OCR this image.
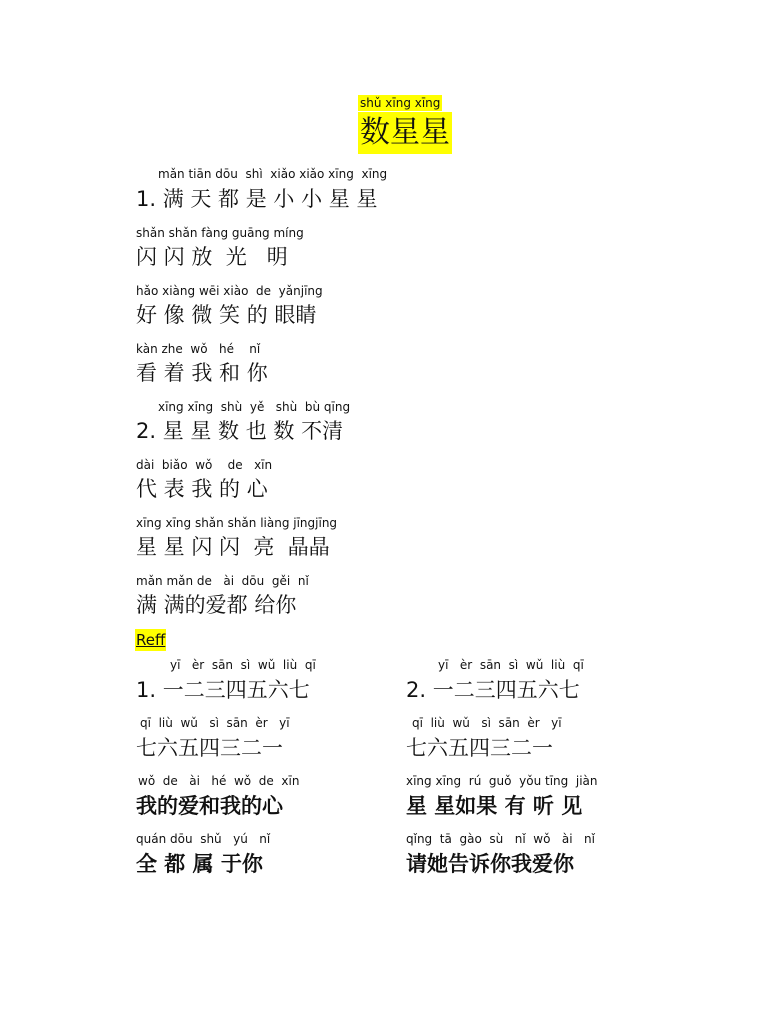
shǔ xīng xīng
数星星
mǎn tiān dōu  shì  xiǎo xiǎo xīng  xīng
1. 满 天 都 是 小 小 星 星
shǎn shǎn fàng guāng míng
闪 闪 放  光   明
hǎo xiàng wēi xiào  de  yǎnjīng
好 像 微 笑 的 眼睛
kàn zhe  wǒ   hé    nǐ
看 着 我 和 你
xīng xīng  shù  yě   shù  bù qīng
2. 星 星 数 也 数 不清
dài  biǎo  wǒ    de   xīn
代 表 我 的 心
xīng xīng shǎn shǎn liàng jīngjīng
星 星 闪 闪  亮  晶晶
mǎn mǎn de   ài  dōu  gěi  nǐ
满 满的爱都 给你
Reff
yī   èr  sān  sì  wǔ  liù  qī
1. 一二三四五六七
qī  liù  wǔ   sì  sān  èr   yī
七六五四三二一
wǒ  de   ài   hé  wǒ  de  xīn
我的爱和我的心
quán dōu  shǔ   yú   nǐ
全 都 属 于你
yī   èr  sān  sì  wǔ  liù  qī
2. 一二三四五六七
qī  liù  wǔ   sì  sān  èr   yī
七六五四三二一
xīng xīng  rú  guǒ  yǒu tīng  jiàn
星 星如果 有 听 见
qǐng  tā  gào  sù   nǐ  wǒ   ài   nǐ
请她告诉你我爱你
